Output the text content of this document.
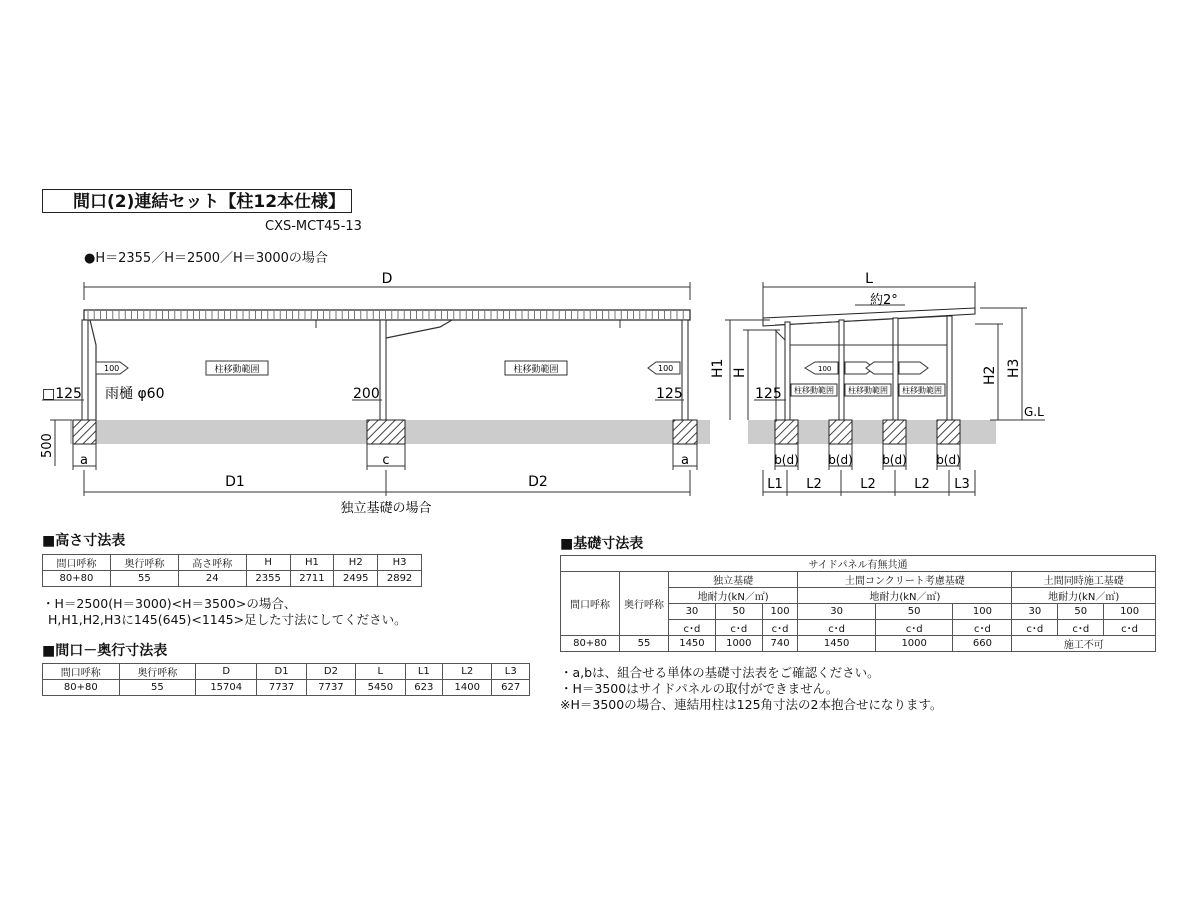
間口(2)連結セット【柱12本仕様】
CXS-MCT45-13
●H＝2355／H＝2500／H＝3000の場合
D
100	100
柱移動範囲	柱移動範囲
□125 雨樋 φ60	200	125
500
a	c	a
D1	D2
独立基礎の場合
L
約2°
100
柱移動範囲 柱移動範囲 柱移動範囲
H1 H
125
H2 H3
G.L
b(d) b(d) b(d) b(d)
L1 L2	L2	L2 L3
■高さ寸法表
間口呼称	奥行呼称	高さ呼称	H	H1	H2	H3
80+80	55	24	2355	2711	2495	2892
・H＝2500(H＝3000)<H＝3500>の場合、
H,H1,H2,H3に145(645)<1145>足した寸法にしてください。
■間口－奥行寸法表
間口呼称	奥行呼称	D	D1	D2	L	L1	L2	L3
80+80	55	15704	7737	7737	5450	623	1400	627
■基礎寸法表
サイドパネル有無共通										
間口呼称	奥行呼称	独立基礎			土間コンクリート考慮基礎			土間同時施工基礎		
		地耐力(kN／㎡)			地耐力(kN／㎡)			地耐力(kN／㎡)		
		30	50	100	30	50	100	30	50	100
		c･d	c･d	c･d	c･d	c･d	c･d	c･d	c･d	c･d
80+80	55	1450	1000	740	1450	1000	660	施工不可		
・a,bは、組合せる単体の基礎寸法表をご確認ください。
・H＝3500はサイドパネルの取付ができません。
※H＝3500の場合、連結用柱は125角寸法の2本抱合せになります。
